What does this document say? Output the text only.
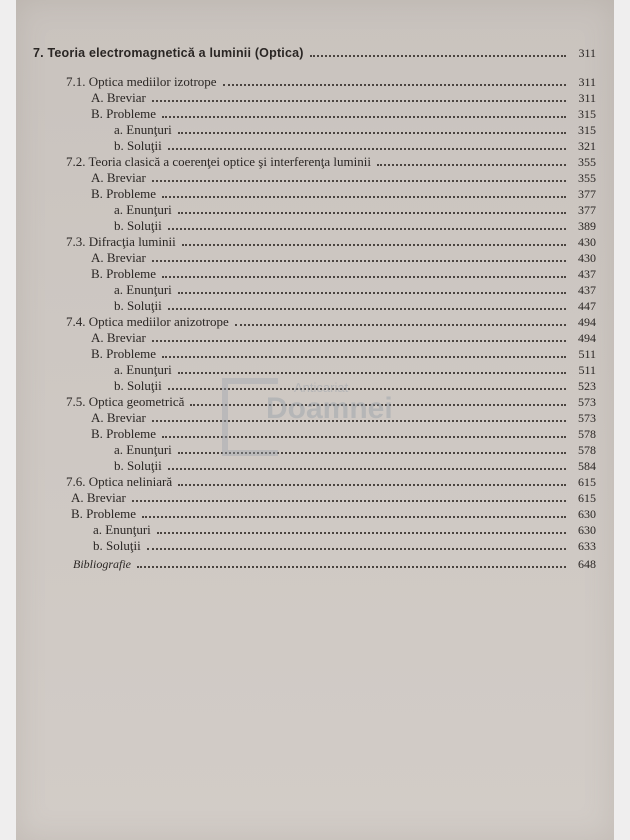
7. Teoria electromagnetică a luminii (Optica)	311
7.1. Optica mediilor izotrope	311
A. Breviar	311
B. Probleme	315
a. Enunţuri	315
b. Soluţii	321
7.2. Teoria clasică a coerenţei optice şi interferenţa luminii	355
A. Breviar	355
B. Probleme	377
a. Enunţuri	377
b. Soluţii	389
7.3. Difracţia luminii	430
A. Breviar	430
B. Probleme	437
a. Enunţuri	437
b. Soluţii	447
7.4. Optica mediilor anizotrope	494
A. Breviar	494
B. Probleme	511
a. Enunţuri	511
b. Soluţii	523
7.5. Optica geometrică	573
A. Breviar	573
B. Probleme	578
a. Enunţuri	578
b. Soluţii	584
7.6. Optica neliniară	615
A. Breviar	615
B. Probleme	630
a. Enunţuri	630
b. Soluţii	633
Bibliografie	648
Anticariat
Doamnei
